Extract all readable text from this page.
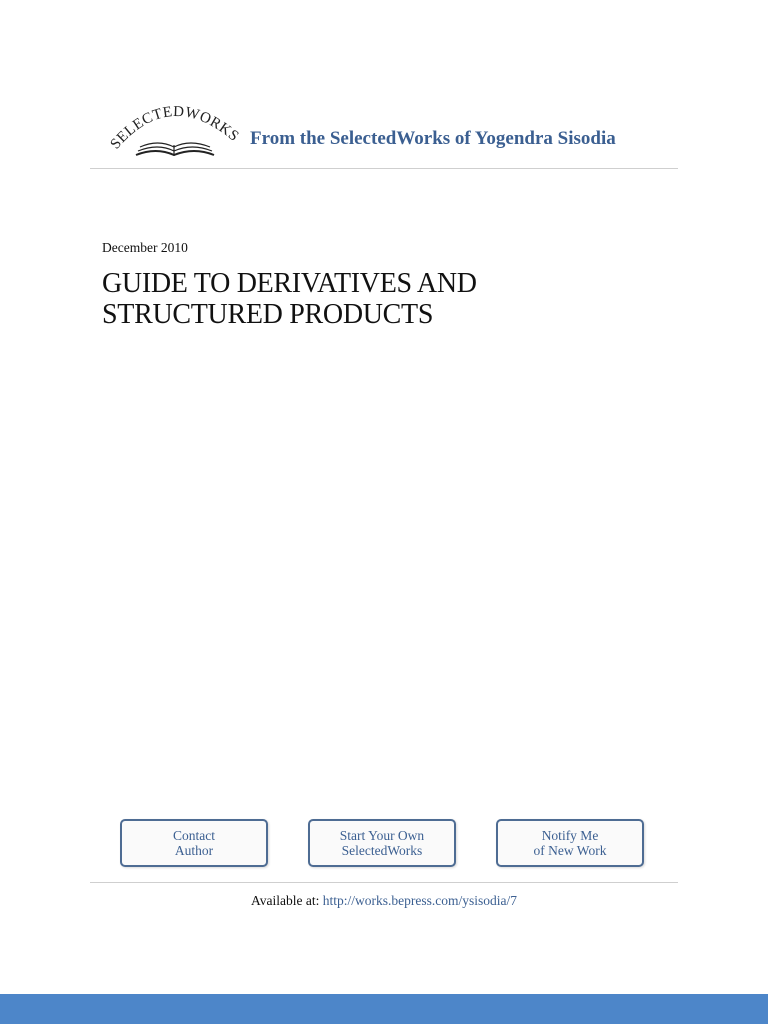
SELECTEDWORKS From the SelectedWorks of Yogendra Sisodia
December 2010
GUIDE TO DERIVATIVES AND
STRUCTURED PRODUCTS
Contact
Author
Start Your Own
SelectedWorks
Notify Me
of New Work
Available at: http://works.bepress.com/ysisodia/7
